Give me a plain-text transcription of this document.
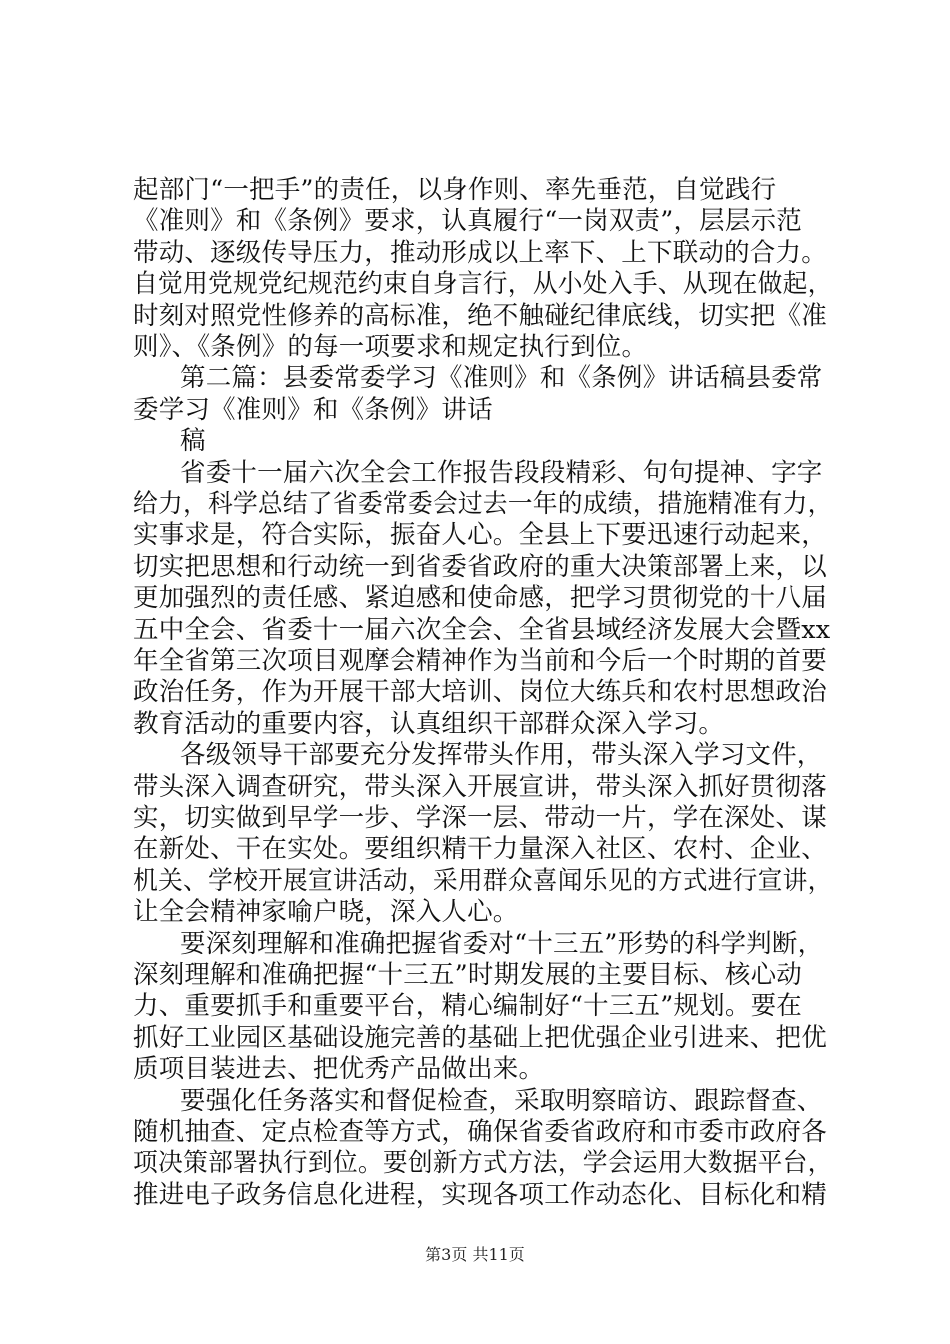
起部门“一把手”的责任，以身作则、率先垂范，自觉践行
《准则》和《条例》要求，认真履行“一岗双责”，层层示范
带动、逐级传导压力，推动形成以上率下、上下联动的合力。
自觉用党规党纪规范约束自身言行，从小处入手、从现在做起，
时刻对照党性修养的高标准，绝不触碰纪律底线，切实把《准
则》、《条例》的每一项要求和规定执行到位。
第二篇：县委常委学习《准则》和《条例》讲话稿县委常
委学习《准则》和《条例》讲话
稿
省委十一届六次全会工作报告段段精彩、句句提神、字字
给力，科学总结了省委常委会过去一年的成绩，措施精准有力，
实事求是，符合实际，振奋人心。全县上下要迅速行动起来，
切实把思想和行动统一到省委省政府的重大决策部署上来，以
更加强烈的责任感、紧迫感和使命感，把学习贯彻党的十八届
五中全会、省委十一届六次全会、全省县域经济发展大会暨xx
年全省第三次项目观摩会精神作为当前和今后一个时期的首要
政治任务，作为开展干部大培训、岗位大练兵和农村思想政治
教育活动的重要内容，认真组织干部群众深入学习。
各级领导干部要充分发挥带头作用，带头深入学习文件，
带头深入调查研究，带头深入开展宣讲，带头深入抓好贯彻落
实，切实做到早学一步、学深一层、带动一片，学在深处、谋
在新处、干在实处。要组织精干力量深入社区、农村、企业、
机关、学校开展宣讲活动，采用群众喜闻乐见的方式进行宣讲，
让全会精神家喻户晓，深入人心。
要深刻理解和准确把握省委对“十三五”形势的科学判断，
深刻理解和准确把握“十三五”时期发展的主要目标、核心动
力、重要抓手和重要平台，精心编制好“十三五”规划。要在
抓好工业园区基础设施完善的基础上把优强企业引进来、把优
质项目装进去、把优秀产品做出来。
要强化任务落实和督促检查，采取明察暗访、跟踪督查、
随机抽查、定点检查等方式，确保省委省政府和市委市政府各
项决策部署执行到位。要创新方式方法，学会运用大数据平台，
推进电子政务信息化进程，实现各项工作动态化、目标化和精
第3页 共11页
